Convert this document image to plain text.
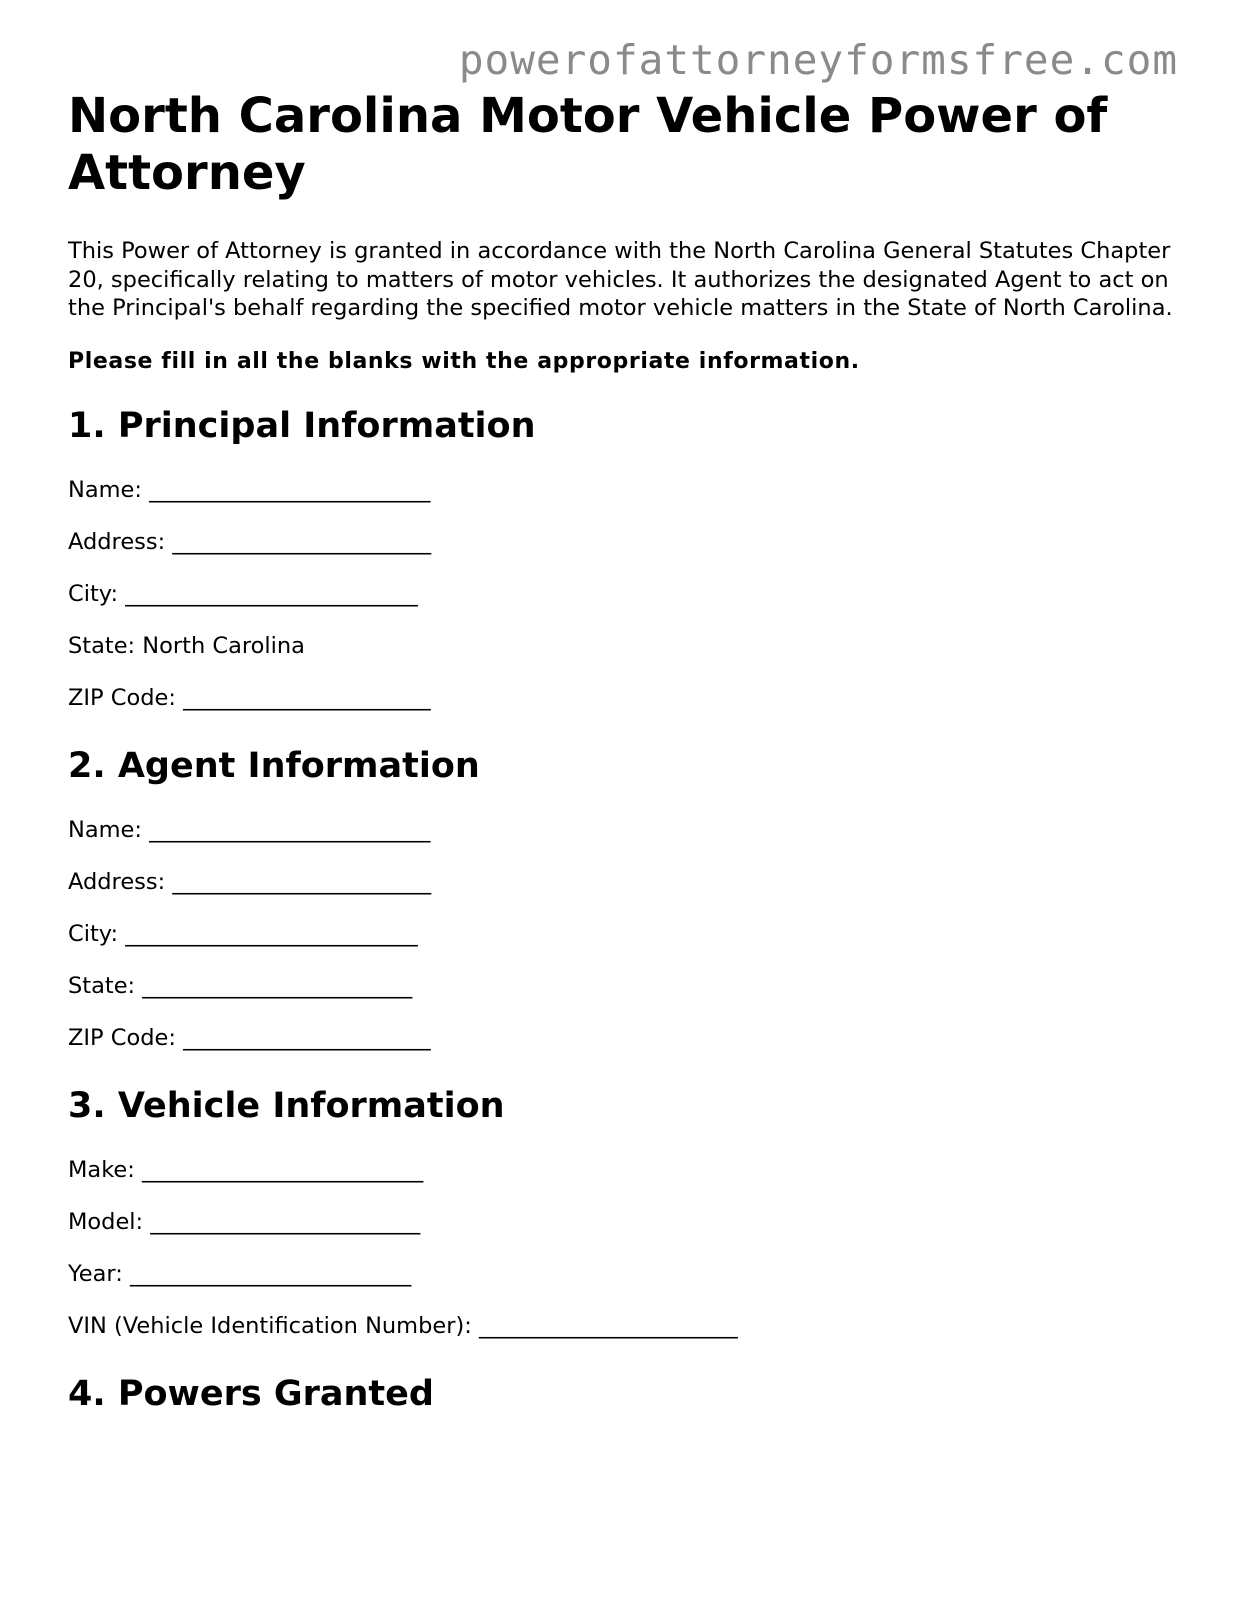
powerofattorneyformsfree.com
North Carolina Motor Vehicle Power of Attorney

This Power of Attorney is granted in accordance with the North Carolina General Statutes Chapter 20, specifically relating to matters of motor vehicles. It authorizes the designated Agent to act on the Principal's behalf regarding the specified motor vehicle matters in the State of North Carolina.

Please fill in all the blanks with the appropriate information.

1. Principal Information
Name: _________________________
Address: _______________________
City: __________________________
State: North Carolina
ZIP Code: ______________________
2. Agent Information
Name: _________________________
Address: _______________________
City: __________________________
State: ________________________
ZIP Code: ______________________
3. Vehicle Information
Make: _________________________
Model: ________________________
Year: _________________________
VIN (Vehicle Identification Number): _______________________
4. Powers Granted
